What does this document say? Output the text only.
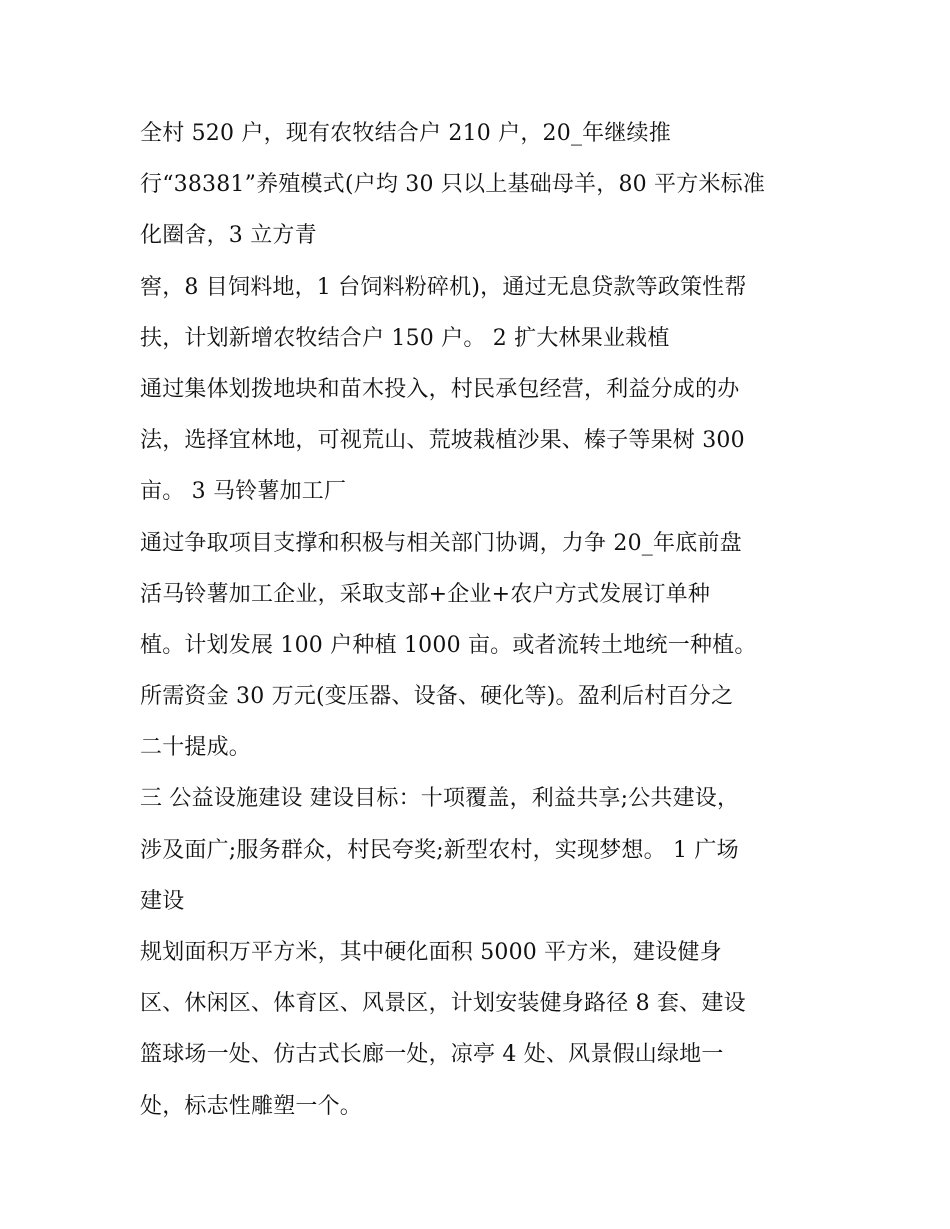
全村 520 户，现有农牧结合户 210 户，20_年继续推
行“38381”养殖模式(户均 30 只以上基础母羊，80 平方米标准
化圈舍，3 立方青
窖，8 目饲料地，1 台饲料粉碎机)，通过无息贷款等政策性帮
扶，计划新增农牧结合户 150 户。 2 扩大林果业栽植
通过集体划拨地块和苗木投入，村民承包经营，利益分成的办
法，选择宜林地，可视荒山、荒坡栽植沙果、榛子等果树 300
亩。 3 马铃薯加工厂
通过争取项目支撑和积极与相关部门协调，力争 20_年底前盘
活马铃薯加工企业，采取支部+企业+农户方式发展订单种
植。计划发展 100 户种植 1000 亩。或者流转土地统一种植。
所需资金 30 万元(变压器、设备、硬化等)。盈利后村百分之
二十提成。
三 公益设施建设 建设目标：十项覆盖，利益共享;公共建设，
涉及面广;服务群众，村民夸奖;新型农村，实现梦想。 1 广场
建设
规划面积万平方米，其中硬化面积 5000 平方米，建设健身
区、休闲区、体育区、风景区，计划安装健身路径 8 套、建设
篮球场一处、仿古式长廊一处，凉亭 4 处、风景假山绿地一
处，标志性雕塑一个。
